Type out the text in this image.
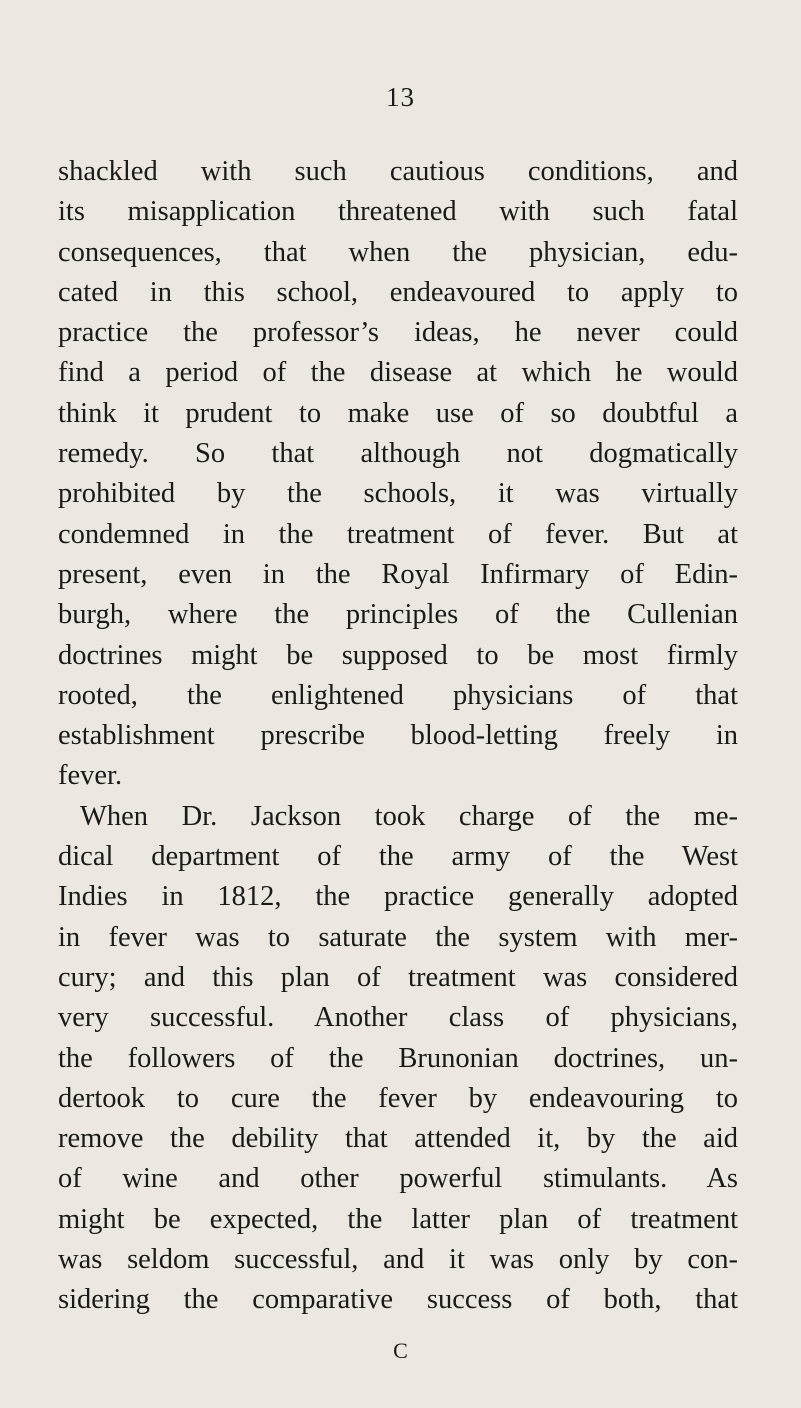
13
shackled with such cautious conditions, and
its misapplication threatened with such fatal
consequences, that when the physician, edu-
cated in this school, endeavoured to apply to
practice the professor’s ideas, he never could
find a period of the disease at which he would
think it prudent to make use of so doubtful a
remedy. So that although not dogmatically
prohibited by the schools, it was virtually
condemned in the treatment of fever. But at
present, even in the Royal Infirmary of Edin-
burgh, where the principles of the Cullenian
doctrines might be supposed to be most firmly
rooted, the enlightened physicians of that
establishment prescribe blood-letting freely in
fever.
When Dr. Jackson took charge of the me-
dical department of the army of the West
Indies in 1812, the practice generally adopted
in fever was to saturate the system with mer-
cury; and this plan of treatment was considered
very successful. Another class of physicians,
the followers of the Brunonian doctrines, un-
dertook to cure the fever by endeavouring to
remove the debility that attended it, by the aid
of wine and other powerful stimulants. As
might be expected, the latter plan of treatment
was seldom successful, and it was only by con-
sidering the comparative success of both, that
C
